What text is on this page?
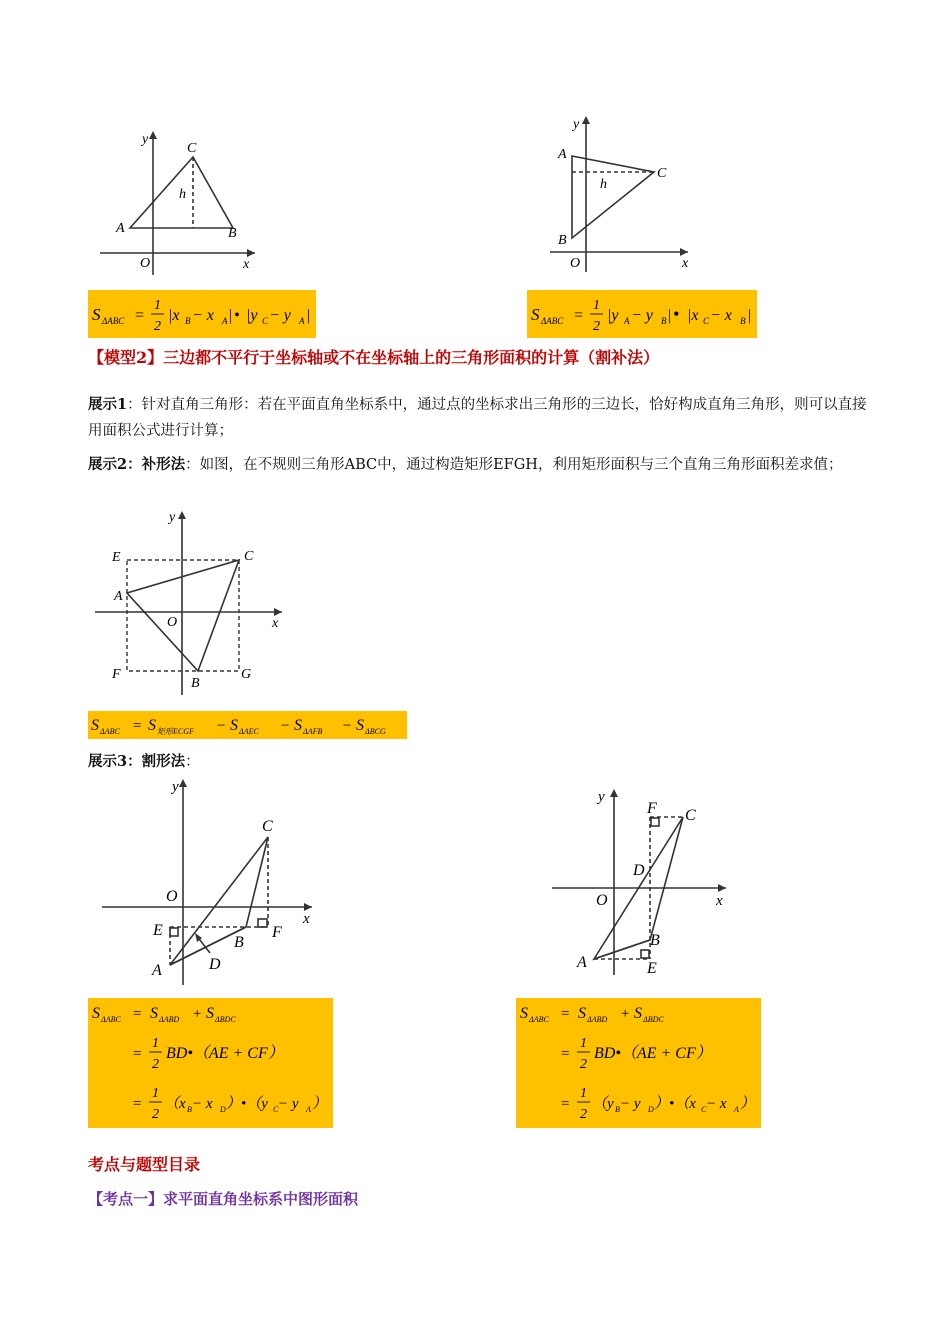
y
x
O
A	B
C
h
y
x
O
A
B
C
h
S ΔABC =
1
2
|x B − x A | • |y C − y A |	S ΔABC =
1
2
|y A − y B | • |x C − x B |
【模型2】三边都不平行于坐标轴或不在坐标轴上的三角形面积的计算（割补法）
展示1：针对直角三角形：若在平面直角坐标系中，通过点的坐标求出三角形的三边长，恰好构成直角三角形，则可以直接用面积公式进行计算；
展示2：补形法：如图，在不规则三角形ABC中，通过构造矩形EFGH，利用矩形面积与三个直角三角形面积差求值；
y
x
O
A
B
C
E
F	G
S ΔABC = S 矩形ECGF − S ΔAEC − S ΔAFB − S ΔBCG
展示3：割形法：
y
x
O
A
B
C
D
E	F
y
x
O
A
B
C
D
E
F
S ΔABC = S ΔABD + S ΔBDC
=
1
2
BD•（AE + CF）
=
1
2
（x B − x D ）•（y C − y A ）
S ΔABC = S ΔABD + S ΔBDC
=
1
2
BD•（AE + CF）
=
1
2
（y B − y D ）•（x C − x A ）
考点与题型目录
【考点一】求平面直角坐标系中图形面积
